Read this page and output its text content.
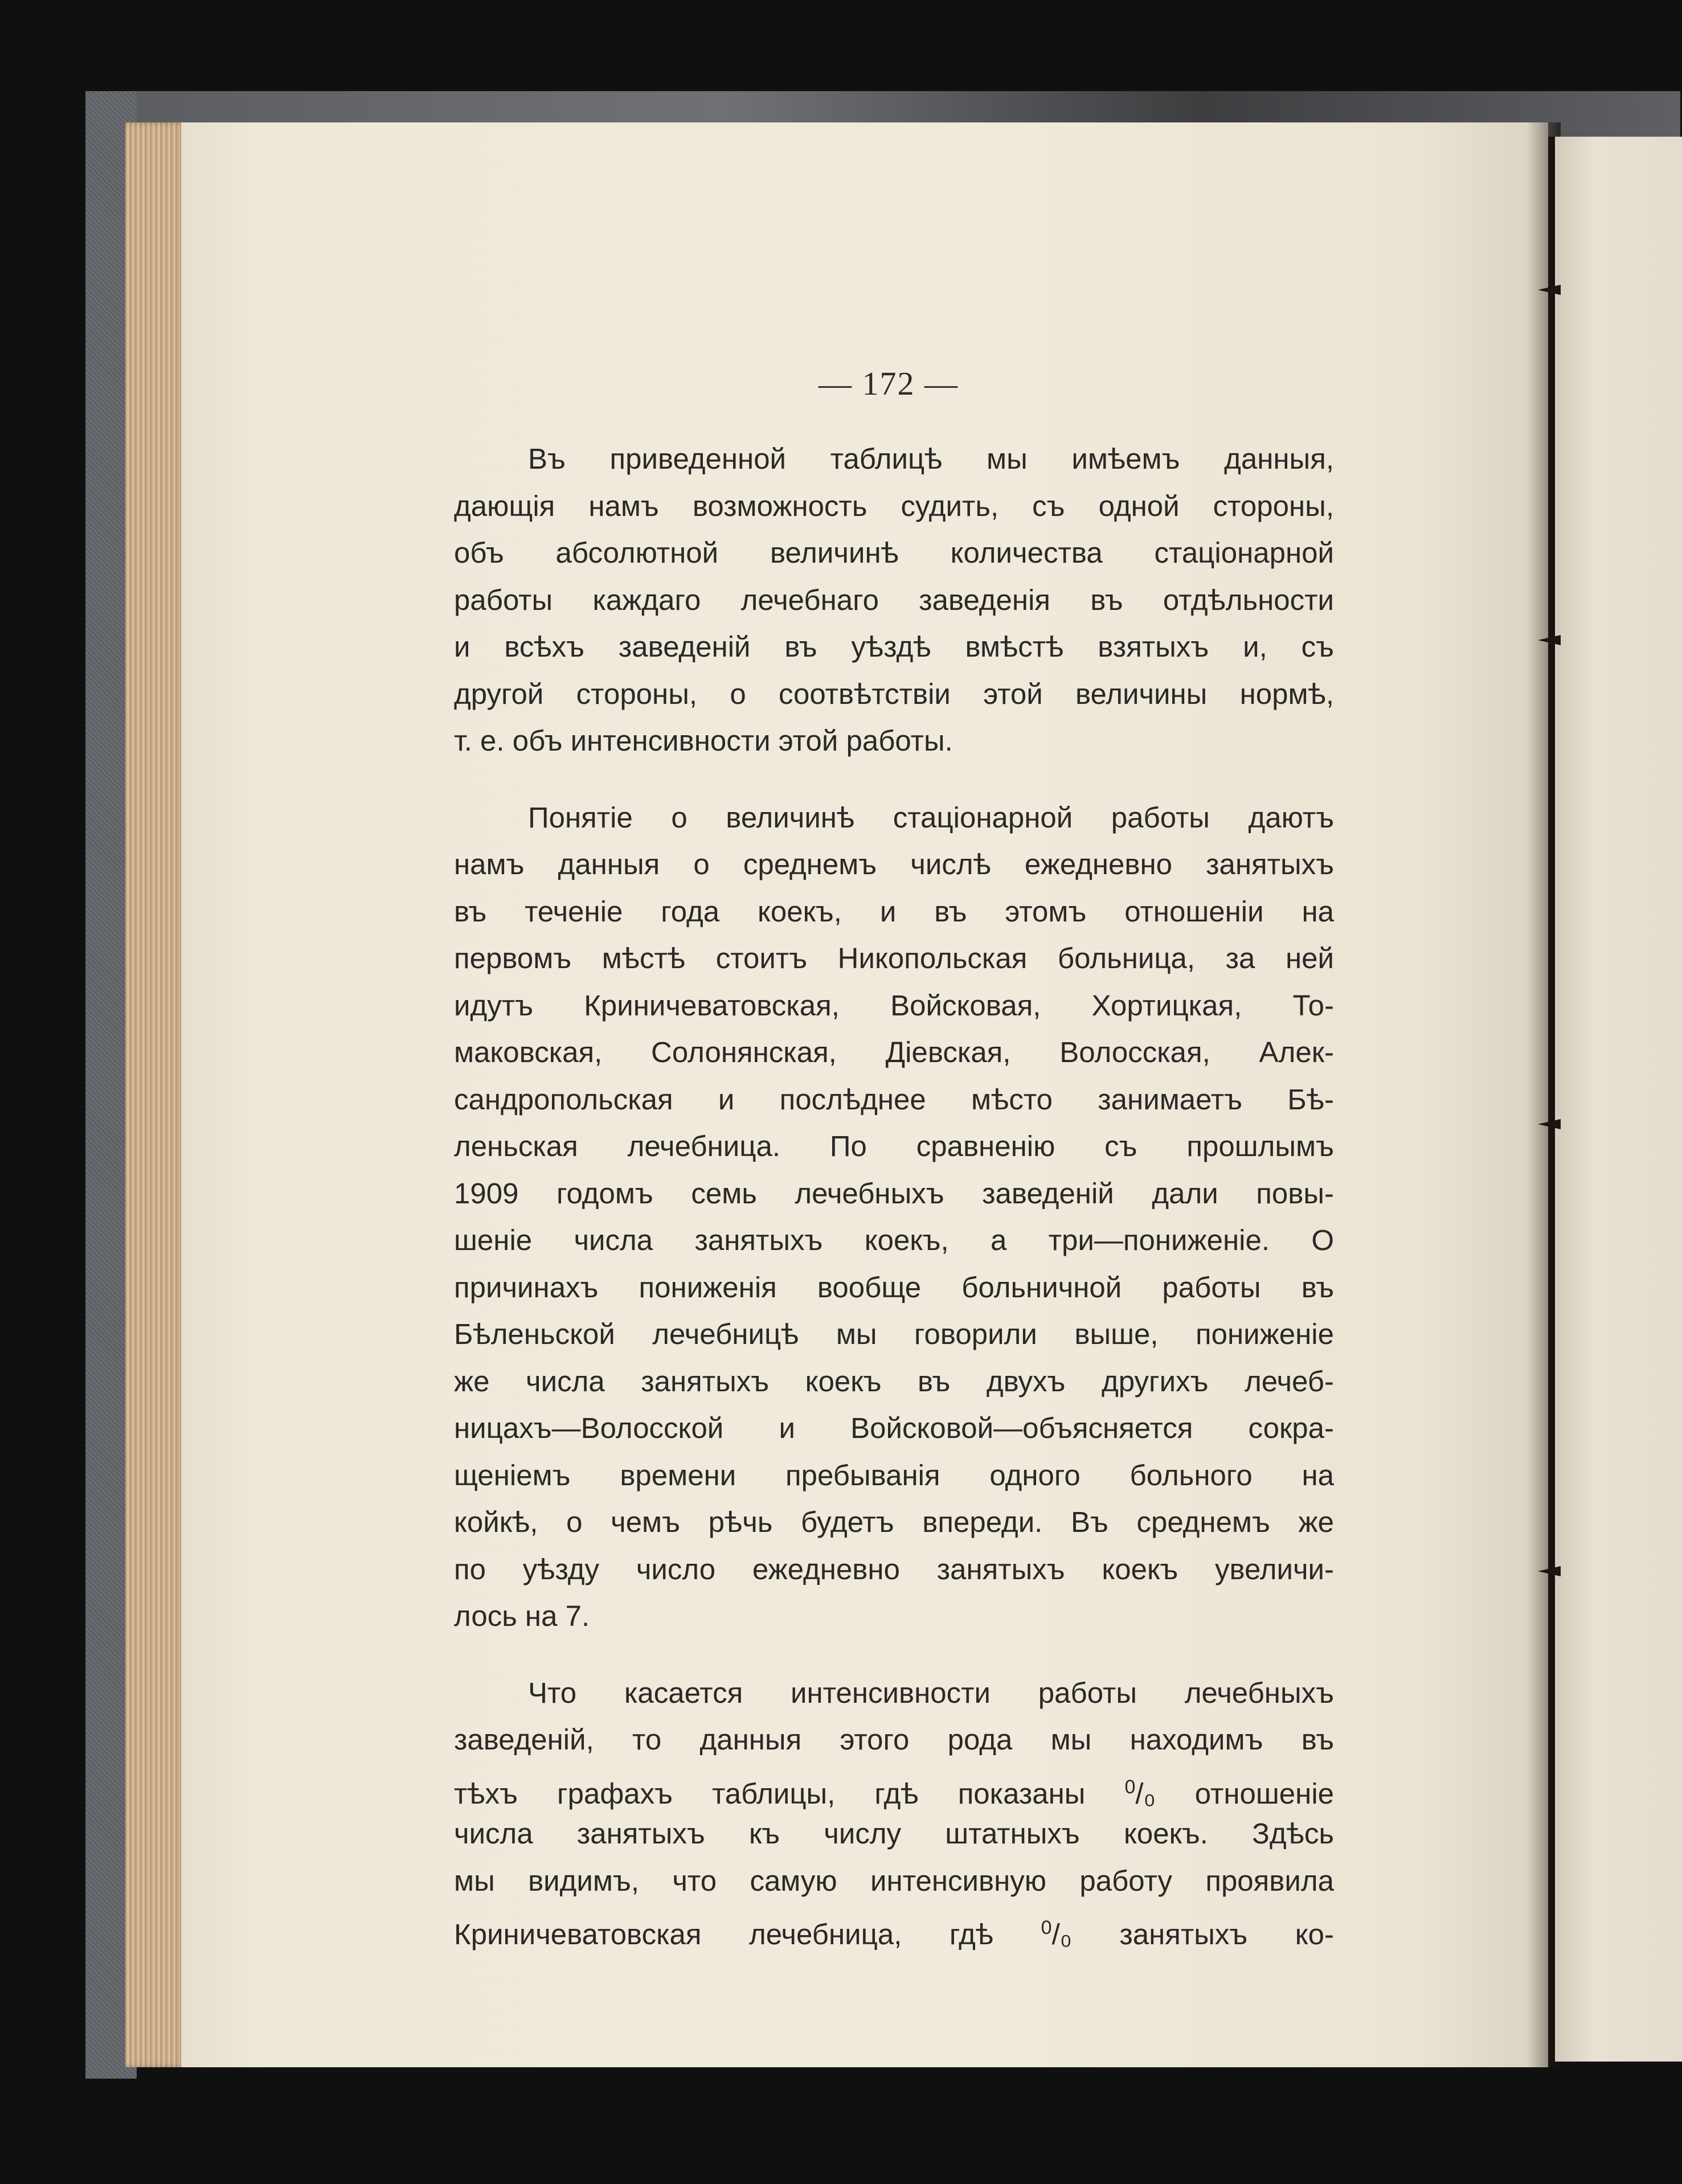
— 172 —

Въ приведенной таблицѣ мы имѣемъ данныя,
дающія намъ возможность судить, съ одной стороны,
объ абсолютной величинѣ количества стаціонарной
работы каждаго лечебнаго заведенія въ отдѣльности
и всѣхъ заведеній въ уѣздѣ вмѣстѣ взятыхъ и, съ
другой стороны, о соотвѣтствіи этой величины нормѣ,
т. е. объ интенсивности этой работы.

Понятіе о величинѣ стаціонарной работы даютъ
намъ данныя о среднемъ числѣ ежедневно занятыхъ
въ теченіе года коекъ, и въ этомъ отношеніи на
первомъ мѣстѣ стоитъ Никопольская больница, за ней
идутъ Криничеватовская, Войсковая, Хортицкая, То-
маковская, Солонянская, Діевская, Волосская, Алек-
сандропольская и послѣднее мѣсто занимаетъ Бѣ-
леньская лечебница. По сравненію съ прошлымъ
1909 годомъ семь лечебныхъ заведеній дали повы-
шеніе числа занятыхъ коекъ, а три—пониженіе. О
причинахъ пониженія вообще больничной работы въ
Бѣленьской лечебницѣ мы говорили выше, пониженіе
же числа занятыхъ коекъ въ двухъ другихъ лечеб-
ницахъ—Волосской и Войсковой—объясняется сокра-
щеніемъ времени пребыванія одного больного на
койкѣ, о чемъ рѣчь будетъ впереди. Въ среднемъ же
по уѣзду число ежедневно занятыхъ коекъ увеличи-
лось на 7.

Что касается интенсивности работы лечебныхъ
заведеній, то данныя этого рода мы находимъ въ
тѣхъ графахъ таблицы, гдѣ показаны $^0$/₀ отношеніе
числа занятыхъ къ числу штатныхъ коекъ. Здѣсь
мы видимъ, что самую интенсивную работу проявила
Криничеватовская лечебница, гдѣ $^0$/₀ занятыхъ ко-
